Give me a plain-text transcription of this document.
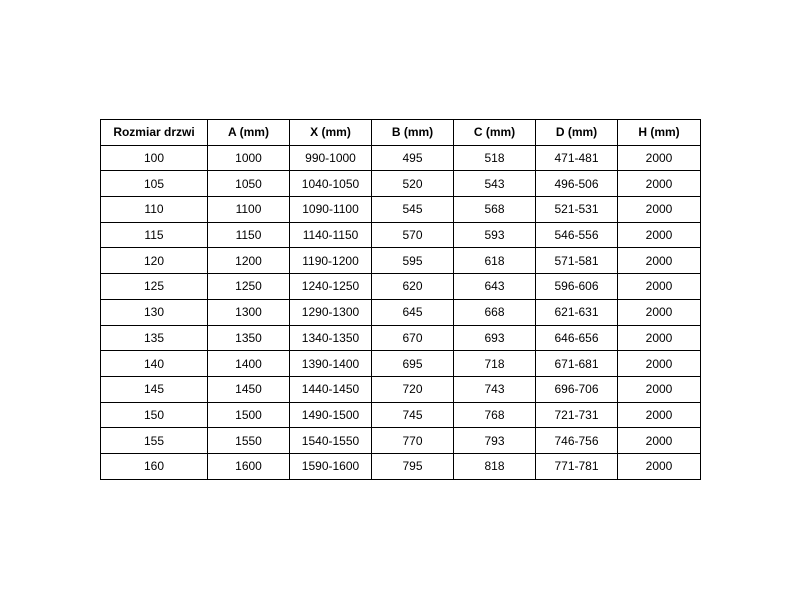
Rozmiar drzwi	A (mm)	X (mm)	B (mm)	C (mm)	D (mm)	H (mm)
100	1000	990-1000	495	518	471-481	2000
105	1050	1040-1050	520	543	496-506	2000
110	1100	1090-1100	545	568	521-531	2000
115	1150	1140-1150	570	593	546-556	2000
120	1200	1190-1200	595	618	571-581	2000
125	1250	1240-1250	620	643	596-606	2000
130	1300	1290-1300	645	668	621-631	2000
135	1350	1340-1350	670	693	646-656	2000
140	1400	1390-1400	695	718	671-681	2000
145	1450	1440-1450	720	743	696-706	2000
150	1500	1490-1500	745	768	721-731	2000
155	1550	1540-1550	770	793	746-756	2000
160	1600	1590-1600	795	818	771-781	2000
